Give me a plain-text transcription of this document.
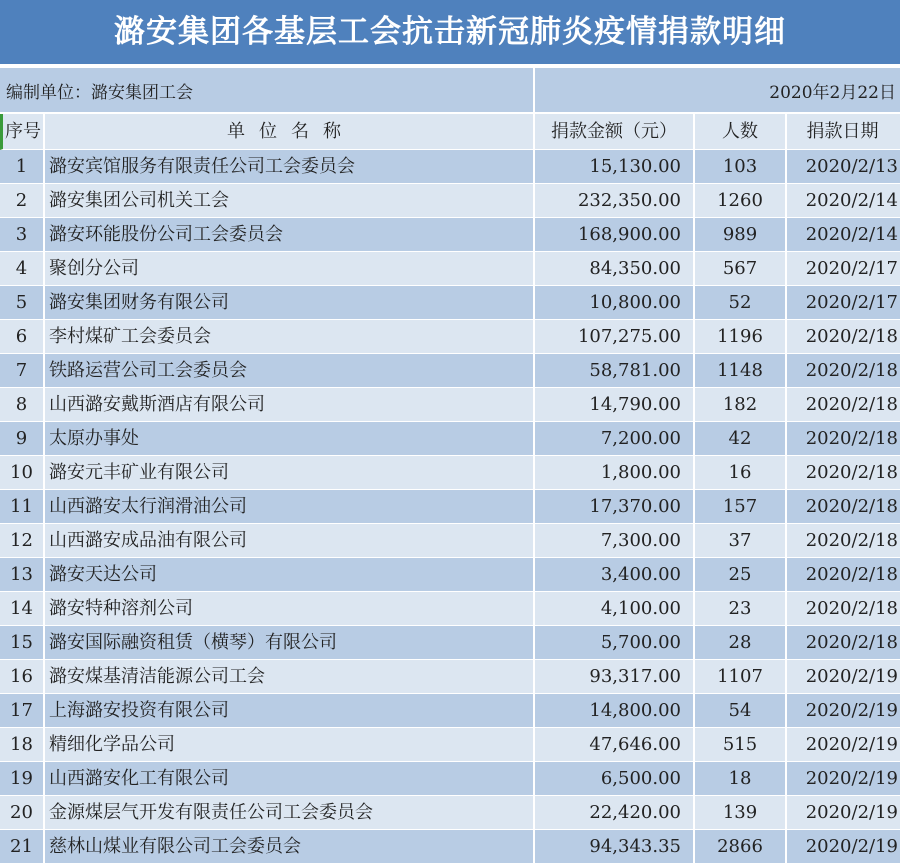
潞安集团各基层工会抗击新冠肺炎疫情捐款明细
编制单位：潞安集团工会	2020年2月22日
序号	单位名称	捐款金额（元）	人数	捐款日期
1	潞安宾馆服务有限责任公司工会委员会	15,130.00	103	2020/2/13
2	潞安集团公司机关工会	232,350.00	1260	2020/2/14
3	潞安环能股份公司工会委员会	168,900.00	989	2020/2/14
4	聚创分公司	84,350.00	567	2020/2/17
5	潞安集团财务有限公司	10,800.00	52	2020/2/17
6	李村煤矿工会委员会	107,275.00	1196	2020/2/18
7	铁路运营公司工会委员会	58,781.00	1148	2020/2/18
8	山西潞安戴斯酒店有限公司	14,790.00	182	2020/2/18
9	太原办事处	7,200.00	42	2020/2/18
10 潞安元丰矿业有限公司	1,800.00	16	2020/2/18
11 山西潞安太行润滑油公司	17,370.00	157	2020/2/18
12 山西潞安成品油有限公司	7,300.00	37	2020/2/18
13 潞安天达公司	3,400.00	25	2020/2/18
14 潞安特种溶剂公司	4,100.00	23	2020/2/18
15 潞安国际融资租赁（横琴）有限公司	5,700.00	28	2020/2/18
16 潞安煤基清洁能源公司工会	93,317.00	1107	2020/2/19
17 上海潞安投资有限公司	14,800.00	54	2020/2/19
18 精细化学品公司	47,646.00	515	2020/2/19
19 山西潞安化工有限公司	6,500.00	18	2020/2/19
20 金源煤层气开发有限责任公司工会委员会	22,420.00	139	2020/2/19
21 慈林山煤业有限公司工会委员会	94,343.35	2866	2020/2/19
